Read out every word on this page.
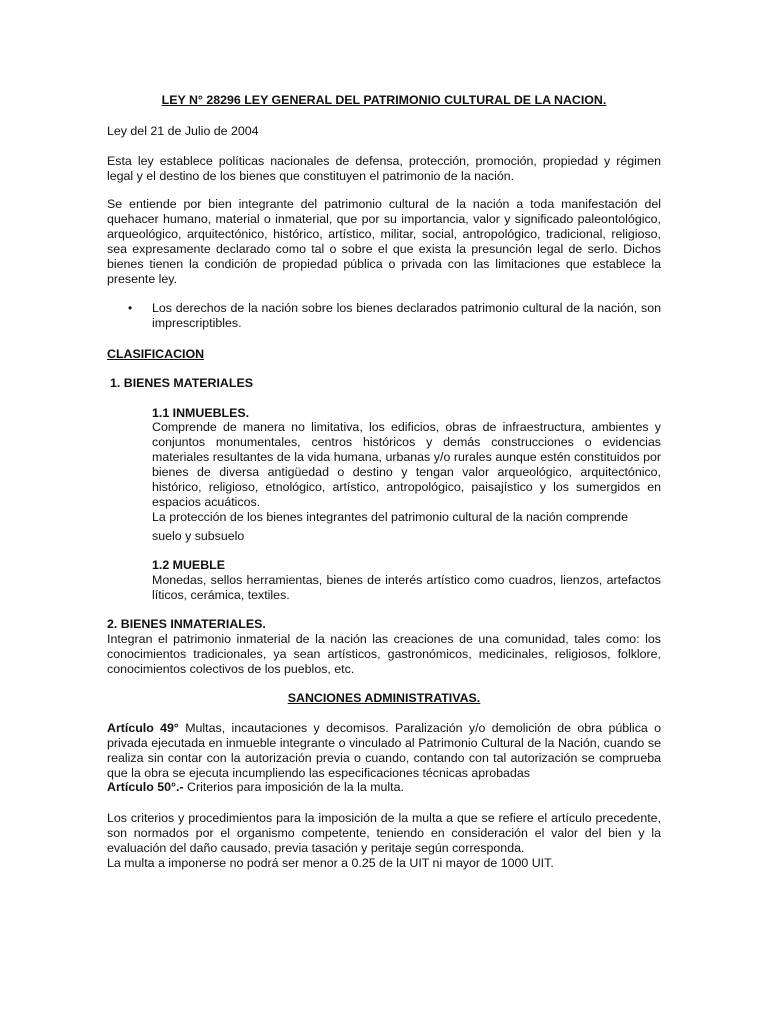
LEY N° 28296 LEY GENERAL DEL PATRIMONIO CULTURAL DE LA NACION.

Ley del 21 de Julio de 2004

Esta ley establece políticas nacionales de defensa, protección, promoción, propiedad y régimen legal y el destino de los bienes que constituyen el patrimonio de la nación.

Se entiende por bien integrante del patrimonio cultural de la nación a toda manifestación del quehacer humano, material o inmaterial, que por su importancia, valor y significado paleontológico, arqueológico, arquitectónico, histórico, artístico, militar, social, antropológico, tradicional, religioso, sea expresamente declarado como tal o sobre el que exista la presunción legal de serlo. Dichos bienes tienen la condición de propiedad pública o privada con las limitaciones que establece la presente ley.

• Los derechos de la nación sobre los bienes declarados patrimonio cultural de la nación, son imprescriptibles.

CLASIFICACION

1. BIENES MATERIALES

1.1 INMUEBLES.

Comprende de manera no limitativa, los edificios, obras de infraestructura, ambientes y conjuntos monumentales, centros históricos y demás construcciones o evidencias materiales resultantes de la vida humana, urbanas y/o rurales aunque estén constituidos por bienes de diversa antigüedad o destino y tengan valor arqueológico, arquitectónico, histórico, religioso, etnológico, artístico, antropológico, paisajístico y los sumergidos en espacios acuáticos.

La protección de los bienes integrantes del patrimonio cultural de la nación comprende

suelo y subsuelo

1.2 MUEBLE

Monedas, sellos herramientas, bienes de interés artístico como cuadros, lienzos, artefactos líticos, cerámica, textiles.

2. BIENES INMATERIALES.

Integran el patrimonio inmaterial de la nación las creaciones de una comunidad, tales como: los conocimientos tradicionales, ya sean artísticos, gastronómicos, medicinales, religiosos, folklore, conocimientos colectivos de los pueblos, etc.

SANCIONES ADMINISTRATIVAS.

Artículo 49° Multas, incautaciones y decomisos. Paralización y/o demolición de obra pública o privada ejecutada en inmueble integrante o vinculado al Patrimonio Cultural de la Nación, cuando se realiza sin contar con la autorización previa o cuando, contando con tal autorización se comprueba que la obra se ejecuta incumpliendo las especificaciones técnicas aprobadas

Artículo 50°.- Criterios para imposición de la la multa.

Los criterios y procedimientos para la imposición de la multa a que se refiere el artículo precedente, son normados por el organismo competente, teniendo en consideración el valor del bien y la evaluación del daño causado, previa tasación y peritaje según corresponda.

La multa a imponerse no podrá ser menor a 0.25 de la UIT ni mayor de 1000 UIT.
